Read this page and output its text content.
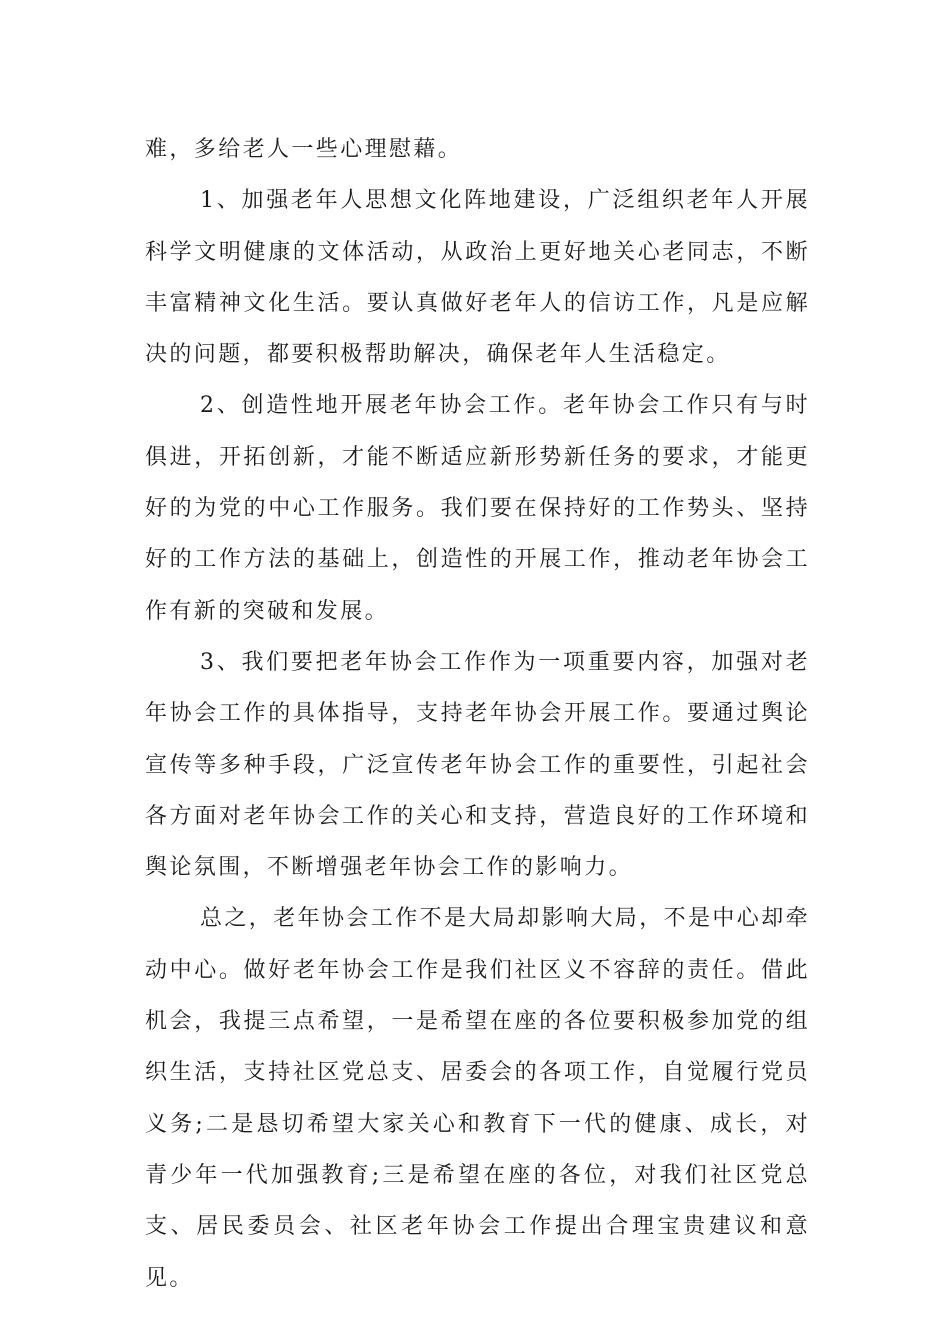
难，多给老人一些心理慰藉。

1、加强老年人思想文化阵地建设，广泛组织老年人开展科学文明健康的文体活动，从政治上更好地关心老同志，不断丰富精神文化生活。要认真做好老年人的信访工作，凡是应解决的问题，都要积极帮助解决，确保老年人生活稳定。

2、创造性地开展老年协会工作。老年协会工作只有与时俱进，开拓创新，才能不断适应新形势新任务的要求，才能更好的为党的中心工作服务。我们要在保持好的工作势头、坚持好的工作方法的基础上，创造性的开展工作，推动老年协会工作有新的突破和发展。

3、我们要把老年协会工作作为一项重要内容，加强对老年协会工作的具体指导，支持老年协会开展工作。要通过舆论宣传等多种手段，广泛宣传老年协会工作的重要性，引起社会各方面对老年协会工作的关心和支持，营造良好的工作环境和舆论氛围，不断增强老年协会工作的影响力。

总之，老年协会工作不是大局却影响大局，不是中心却牵动中心。做好老年协会工作是我们社区义不容辞的责任。借此机会，我提三点希望，一是希望在座的各位要积极参加党的组织生活，支持社区党总支、居委会的各项工作，自觉履行党员义务;二是恳切希望大家关心和教育下一代的健康、成长，对青少年一代加强教育;三是希望在座的各位，对我们社区党总支、居民委员会、社区老年协会工作提出合理宝贵建议和意见。
